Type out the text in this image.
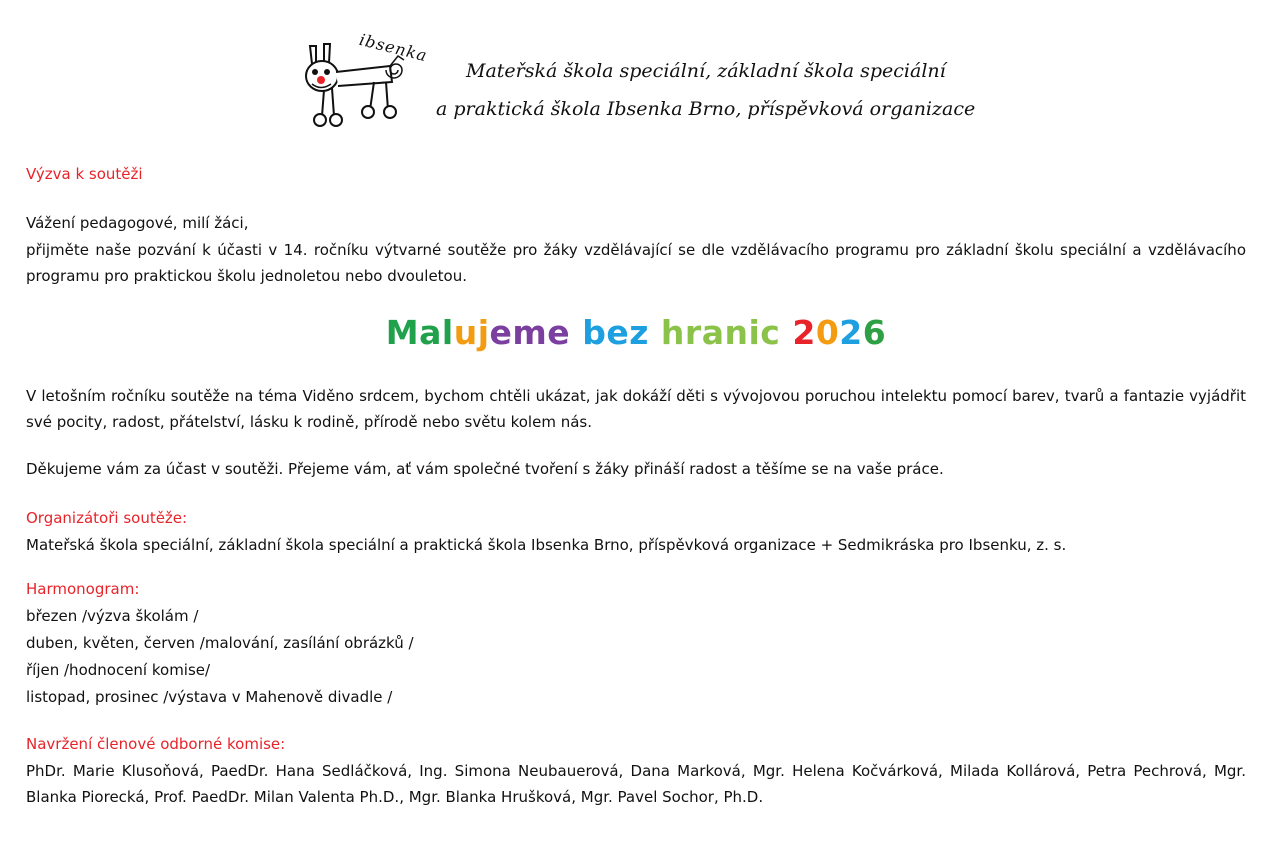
ibsenka
Mateřská škola speciální, základní škola speciální
a praktická škola Ibsenka Brno, příspěvková organizace

Výzva k soutěži

Vážení pedagogové, milí žáci,

přijměte naše pozvání k účasti v 14. ročníku výtvarné soutěže pro žáky vzdělávající se dle vzdělávacího programu pro základní školu speciální a vzdělávacího programu pro praktickou školu jednoletou nebo dvouletou.

Malujeme bez hranic 2026

V letošním ročníku soutěže na téma Viděno srdcem, bychom chtěli ukázat, jak dokáží děti s vývojovou poruchou intelektu pomocí barev, tvarů a fantazie vyjádřit své pocity, radost, přátelství, lásku k rodině, přírodě nebo světu kolem nás.

Děkujeme vám za účast v soutěži. Přejeme vám, ať vám společné tvoření s žáky přináší radost a těšíme se na vaše práce.

Organizátoři soutěže:

Mateřská škola speciální, základní škola speciální a praktická škola Ibsenka Brno, příspěvková organizace + Sedmikráska pro Ibsenku, z. s.

Harmonogram:

březen /výzva školám /

duben, květen, červen /malování, zasílání obrázků /

říjen /hodnocení komise/

listopad, prosinec /výstava v Mahenově divadle /

Navržení členové odborné komise:

PhDr. Marie Klusoňová, PaedDr. Hana Sedláčková, Ing. Simona Neubauerová, Dana Marková, Mgr. Helena Kočvárková, Milada Kollárová, Petra Pechrová, Mgr. Blanka Piorecká, Prof. PaedDr. Milan Valenta Ph.D., Mgr. Blanka Hrušková, Mgr. Pavel Sochor, Ph.D.
